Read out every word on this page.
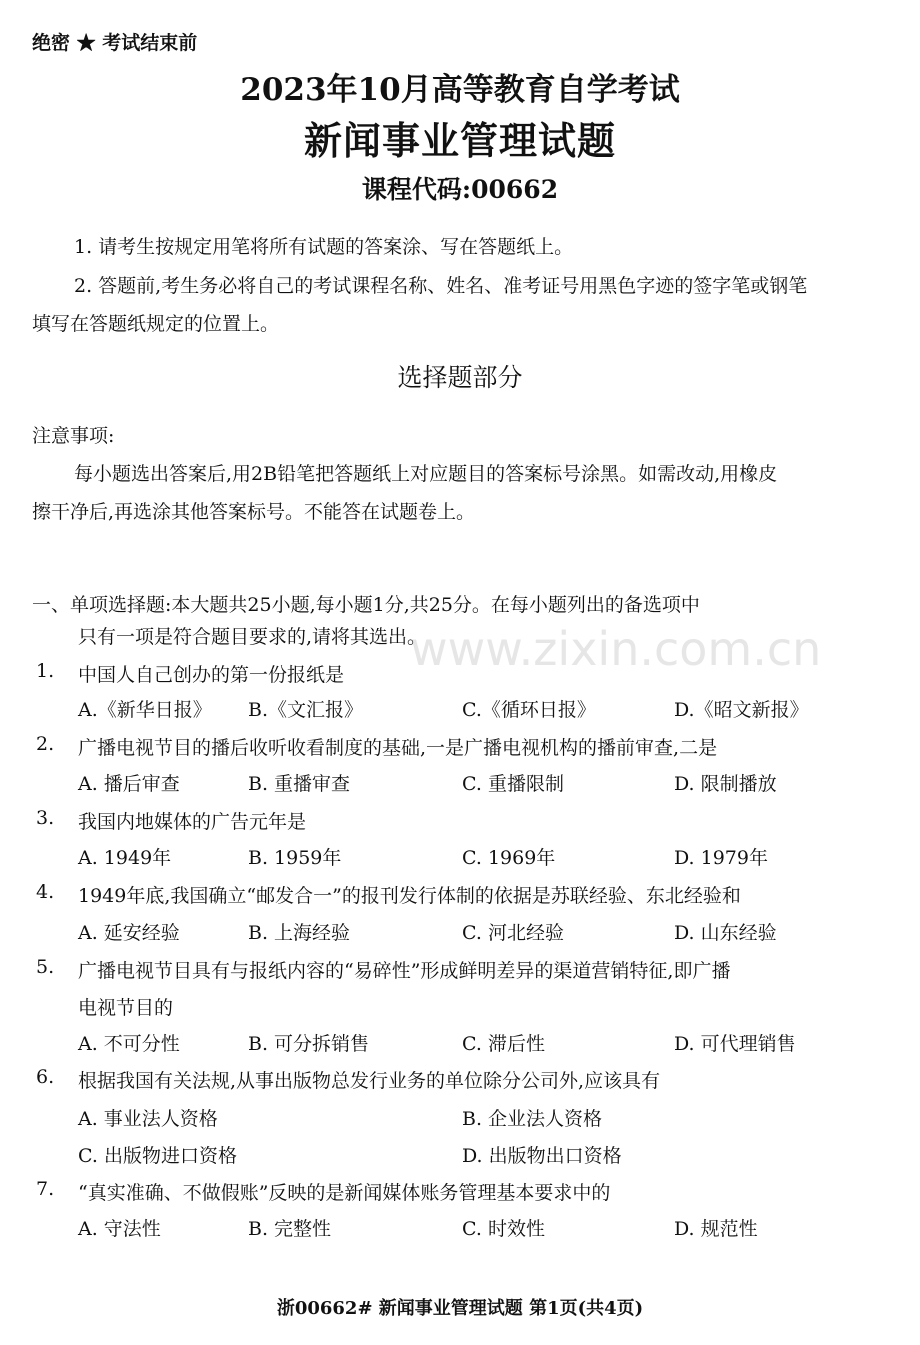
绝密 ★ 考试结束前
2023年10月高等教育自学考试
新闻事业管理试题
课程代码:00662
1. 请考生按规定用笔将所有试题的答案涂、写在答题纸上。
2. 答题前,考生务必将自己的考试课程名称、姓名、准考证号用黑色字迹的签字笔或钢笔
填写在答题纸规定的位置上。
选择题部分
注意事项:
每小题选出答案后,用2B铅笔把答题纸上对应题目的答案标号涂黑。如需改动,用橡皮
擦干净后,再选涂其他答案标号。不能答在试题卷上。
www.zixin.com.cn
一、单项选择题:本大题共25小题,每小题1分,共25分。在每小题列出的备选项中
只有一项是符合题目要求的,请将其选出。
1. 中国人自己创办的第一份报纸是
A.《新华日报》 B.《文汇报》	C.《循环日报》	D.《昭文新报》
2. 广播电视节目的播后收听收看制度的基础,一是广播电视机构的播前审查,二是
A. 播后审查	B. 重播审查	C. 重播限制	D. 限制播放
3. 我国内地媒体的广告元年是
A. 1949年	B. 1959年	C. 1969年	D. 1979年
4. 1949年底,我国确立“邮发合一”的报刊发行体制的依据是苏联经验、东北经验和
A. 延安经验	B. 上海经验	C. 河北经验	D. 山东经验
5. 广播电视节目具有与报纸内容的“易碎性”形成鲜明差异的渠道营销特征,即广播
电视节目的
A. 不可分性	B. 可分拆销售	C. 滞后性	D. 可代理销售
6. 根据我国有关法规,从事出版物总发行业务的单位除分公司外,应该具有
A. 事业法人资格	B. 企业法人资格
C. 出版物进口资格	D. 出版物出口资格
7. “真实准确、不做假账”反映的是新闻媒体账务管理基本要求中的
A. 守法性	B. 完整性	C. 时效性	D. 规范性
浙00662# 新闻事业管理试题 第1页(共4页)
